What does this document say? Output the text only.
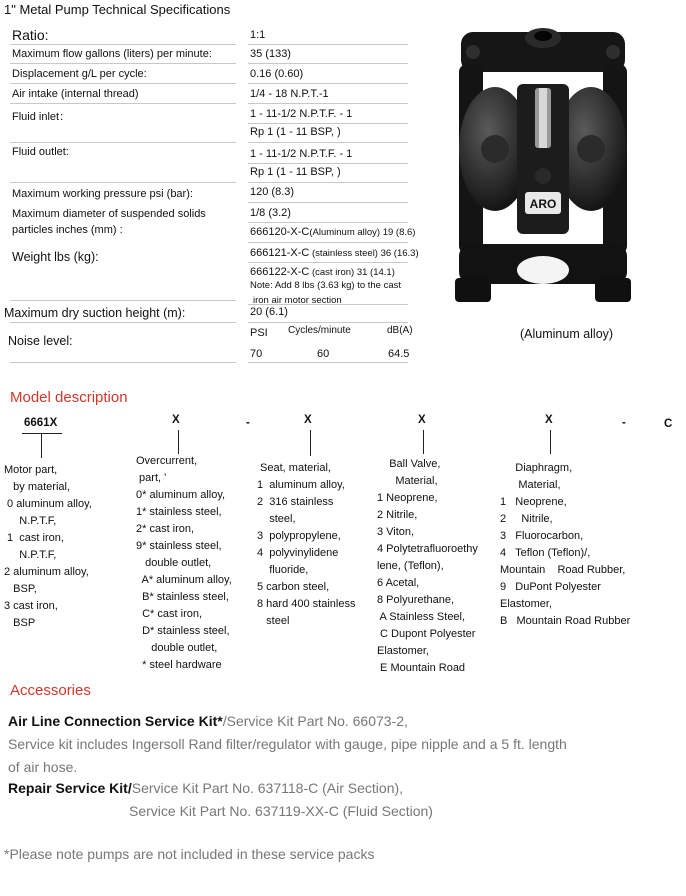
1" Metal Pump Technical Specifications
Ratio:	1:1
Maximum flow gallons (liters) per minute:	35 (133)
Displacement g/L per cycle:	0.16 (0.60)
Air intake (internal thread)	1/4 - 18 N.P.T.-1
Fluid inlet：	1 - 11-1/2 N.P.T.F. - 1
Rp 1 (1 - 11 BSP, )
Fluid outlet:	1 - 11-1/2 N.P.T.F. - 1
Rp 1 (1 - 11 BSP, )
Maximum working pressure psi (bar):	120 (8.3)
Maximum diameter of suspended solids
particles inches (mm) :
1/8 (3.2)
Weight lbs (kg):
666120-X-C(Aluminum alloy) 19 (8.6)
666121-X-C (stainless steel) 36 (16.3)
666122-X-C (cast iron) 31 (14.1)
Note: Add 8 lbs (3.63 kg) to the cast
iron air motor section
Maximum dry suction height (m):	20 (6.1)
Noise level:
PSI Cycles/minute	dB(A)
70	60	64.5
ARO
(Aluminum alloy)
Model description
6661X	X	-	X	X	X	-	C
Motor part,
by material,
0 aluminum alloy,
N.P.T.F,
1  cast iron,
N.P.T.F,
2 aluminum alloy,
BSP,
3 cast iron,
BSP
Overcurrent,
part, '
0* aluminum alloy,
1* stainless steel,
2* cast iron,
9* stainless steel,
double outlet,
A* aluminum alloy,
B* stainless steel,
C* cast iron,
D* stainless steel,
double outlet,
* steel hardware
Seat, material,
1  aluminum alloy,
2  316 stainless
steel,
3  polypropylene,
4  polyvinylidene
fluoride,
5 carbon steel,
8 hard 400 stainless
steel
Ball Valve,
Material,
1 Neoprene,
2 Nitrile,
3 Viton,
4 Polytetrafluoroethy
lene, (Teflon),
6 Acetal,
8 Polyurethane,
A Stainless Steel,
C Dupont Polyester
Elastomer,
E Mountain Road
Diaphragm,
Material,
1   Neoprene,
2     Nitrile,
3   Fluorocarbon,
4   Teflon (Teflon)/,
Mountain    Road Rubber,
9   DuPont Polyester
Elastomer,
B   Mountain Road Rubber
Accessories
Air Line Connection Service Kit*/Service Kit Part No. 66073-2,
Service kit includes Ingersoll Rand filter/regulator with gauge, pipe nipple and a 5 ft. length
of air hose.
Repair Service Kit/Service Kit Part No. 637118-C (Air Section),
Service Kit Part No. 637119-XX-C (Fluid Section)
*Please note pumps are not included in these service packs
